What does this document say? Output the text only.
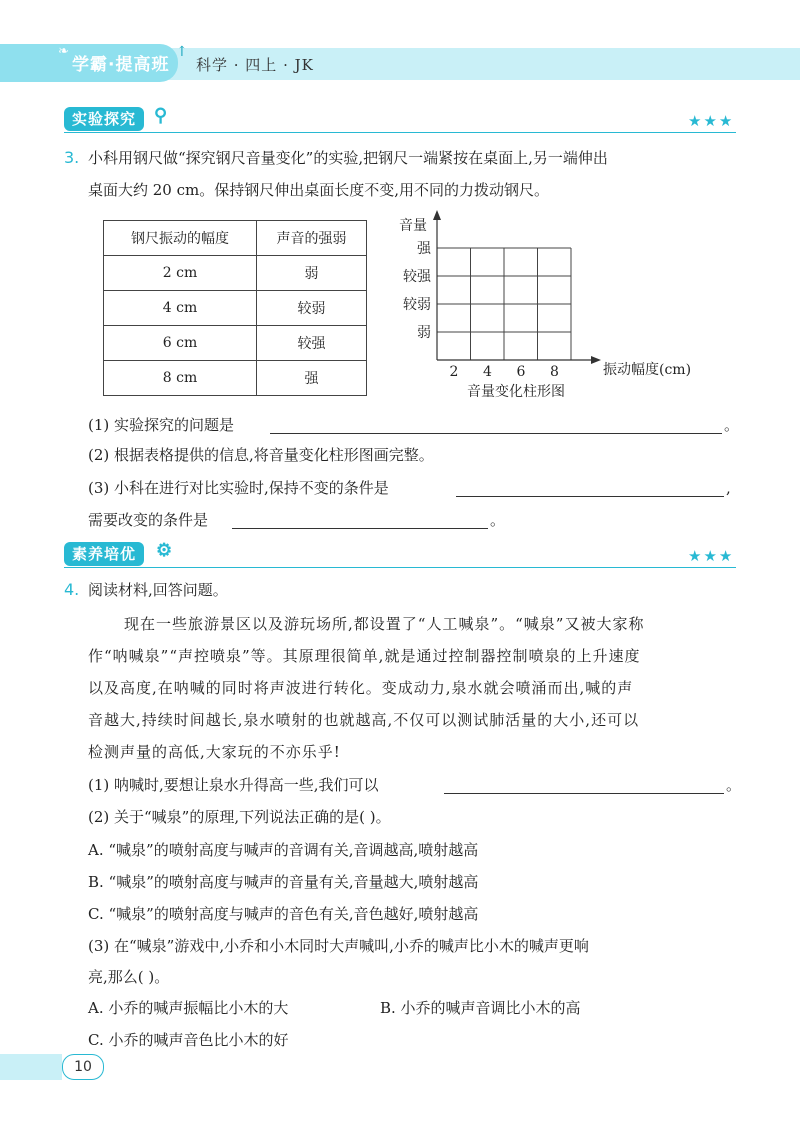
❧
学霸·提高班
↑
科学 · 四上 · JK
实验探究 ⚲	★★★
3. 小科用钢尺做“探究钢尺音量变化”的实验,把钢尺一端紧按在桌面上,另一端伸出
桌面大约 20 cm。保持钢尺伸出桌面长度不变,用不同的力拨动钢尺。
钢尺振动的幅度	声音的强弱
2 cm	弱
4 cm	较弱
6 cm	较强
8 cm	强
音量
弱
较弱
较强
强
2 4 6 8	振动幅度(cm)
音量变化柱形图
(1) 实验探究的问题是	。
(2) 根据表格提供的信息,将音量变化柱形图画完整。
(3) 小科在进行对比实验时,保持不变的条件是	,
需要改变的条件是	。
素养培优	⚙	★★★
4. 阅读材料,回答问题。
现在一些旅游景区以及游玩场所,都设置了“人工喊泉”。“喊泉”又被大家称
作“呐喊泉”“声控喷泉”等。其原理很简单,就是通过控制器控制喷泉的上升速度
以及高度,在呐喊的同时将声波进行转化。变成动力,泉水就会喷涌而出,喊的声
音越大,持续时间越长,泉水喷射的也就越高,不仅可以测试肺活量的大小,还可以
检测声量的高低,大家玩的不亦乐乎!
(1) 呐喊时,要想让泉水升得高一些,我们可以	。
(2) 关于“喊泉”的原理,下列说法正确的是( )。
A. “喊泉”的喷射高度与喊声的音调有关,音调越高,喷射越高
B. “喊泉”的喷射高度与喊声的音量有关,音量越大,喷射越高
C. “喊泉”的喷射高度与喊声的音色有关,音色越好,喷射越高
(3) 在“喊泉”游戏中,小乔和小木同时大声喊叫,小乔的喊声比小木的喊声更响
亮,那么( )。
A. 小乔的喊声振幅比小木的大	B. 小乔的喊声音调比小木的高
C. 小乔的喊声音色比小木的好
10
